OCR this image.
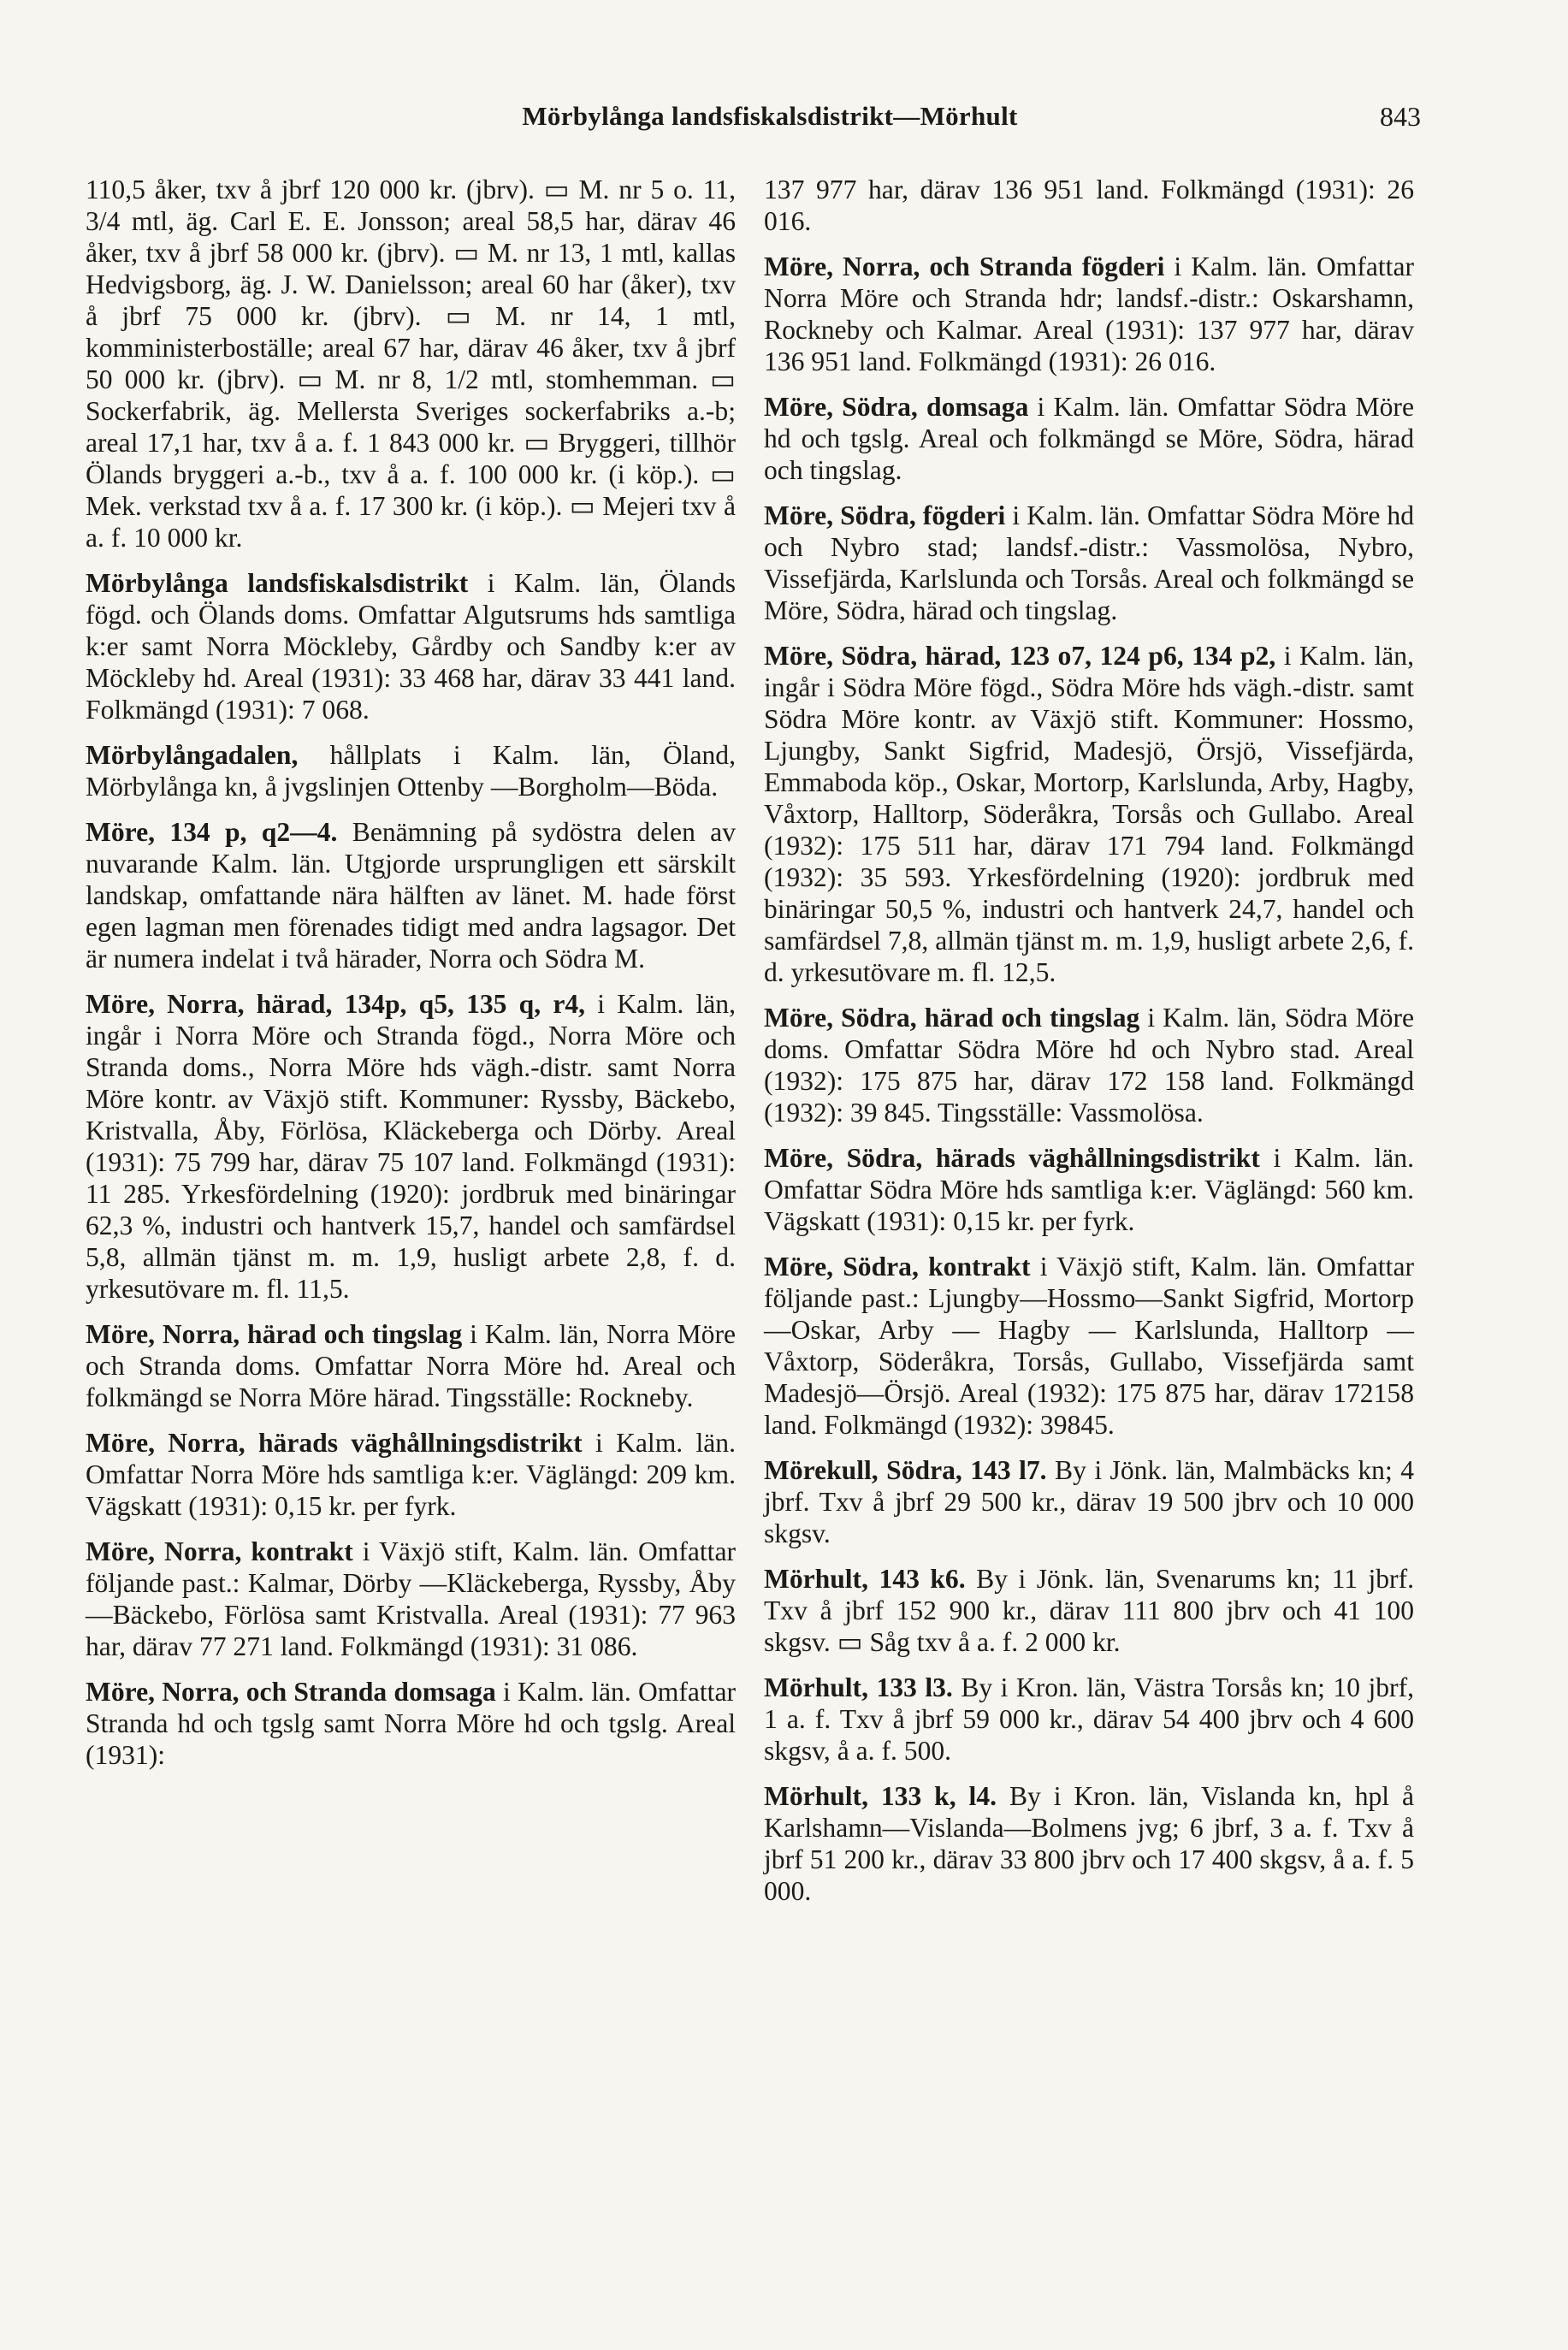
Mörbylånga landsfiskalsdistrikt—Mörhult	843

110,5 åker, txv å jbrf 120 000 kr. (jbrv). ▭ M. nr 5 o. 11, 3/4 mtl, äg. Carl E. E. Jonsson; areal 58,5 har, därav 46 åker, txv å jbrf 58 000 kr. (jbrv). ▭ M. nr 13, 1 mtl, kallas Hedvigsborg, äg. J. W. Danielsson; areal 60 har (åker), txv å jbrf 75 000 kr. (jbrv). ▭ M. nr 14, 1 mtl, komministerboställe; areal 67 har, därav 46 åker, txv å jbrf 50 000 kr. (jbrv). ▭ M. nr 8, 1/2 mtl, stomhemman. ▭ Sockerfabrik, äg. Mellersta Sveriges sockerfabriks a.-b; areal 17,1 har, txv å a. f. 1 843 000 kr. ▭ Bryggeri, tillhör Ölands bryggeri a.-b., txv å a. f. 100 000 kr. (i köp.). ▭ Mek. verkstad txv å a. f. 17 300 kr. (i köp.). ▭ Mejeri txv å a. f. 10 000 kr.

Mörbylånga landsfiskalsdistrikt i Kalm. län, Ölands fögd. och Ölands doms. Omfattar Algutsrums hds samtliga k:er samt Norra Möckleby, Gårdby och Sandby k:er av Möckleby hd. Areal (1931): 33 468 har, därav 33 441 land. Folkmängd (1931): 7 068.

Mörbylångadalen, hållplats i Kalm. län, Öland, Mörbylånga kn, å jvgslinjen Ottenby —Borgholm—Böda.

Möre, 134 p, q2—4. Benämning på sydöstra delen av nuvarande Kalm. län. Utgjorde ursprungligen ett särskilt landskap, omfattande nära hälften av länet. M. hade först egen lagman men förenades tidigt med andra lagsagor. Det är numera indelat i två härader, Norra och Södra M.

Möre, Norra, härad, 134p, q5, 135 q, r4, i Kalm. län, ingår i Norra Möre och Stranda fögd., Norra Möre och Stranda doms., Norra Möre hds vägh.-distr. samt Norra Möre kontr. av Växjö stift. Kommuner: Ryssby, Bäckebo, Kristvalla, Åby, Förlösa, Kläckeberga och Dörby. Areal (1931): 75 799 har, därav 75 107 land. Folkmängd (1931): 11 285. Yrkesfördelning (1920): jordbruk med binäringar 62,3 %, industri och hantverk 15,7, handel och samfärdsel 5,8, allmän tjänst m. m. 1,9, husligt arbete 2,8, f. d. yrkesutövare m. fl. 11,5.

Möre, Norra, härad och tingslag i Kalm. län, Norra Möre och Stranda doms. Omfattar Norra Möre hd. Areal och folkmängd se Norra Möre härad. Tingsställe: Rockneby.

Möre, Norra, härads väghållningsdistrikt i Kalm. län. Omfattar Norra Möre hds samtliga k:er. Väglängd: 209 km. Vägskatt (1931): 0,15 kr. per fyrk.

Möre, Norra, kontrakt i Växjö stift, Kalm. län. Omfattar följande past.: Kalmar, Dörby —Kläckeberga, Ryssby, Åby—Bäckebo, Förlösa samt Kristvalla. Areal (1931): 77 963 har, därav 77 271 land. Folkmängd (1931): 31 086.

Möre, Norra, och Stranda domsaga i Kalm. län. Omfattar Stranda hd och tgslg samt Norra Möre hd och tgslg. Areal (1931):

137 977 har, därav 136 951 land. Folkmängd (1931): 26 016.

Möre, Norra, och Stranda fögderi i Kalm. län. Omfattar Norra Möre och Stranda hdr; landsf.-distr.: Oskarshamn, Rockneby och Kalmar. Areal (1931): 137 977 har, därav 136 951 land. Folkmängd (1931): 26 016.

Möre, Södra, domsaga i Kalm. län. Omfattar Södra Möre hd och tgslg. Areal och folkmängd se Möre, Södra, härad och tingslag.

Möre, Södra, fögderi i Kalm. län. Omfattar Södra Möre hd och Nybro stad; landsf.-distr.: Vassmolösa, Nybro, Vissefjärda, Karlslunda och Torsås. Areal och folkmängd se Möre, Södra, härad och tingslag.

Möre, Södra, härad, 123 o7, 124 p6, 134 p2, i Kalm. län, ingår i Södra Möre fögd., Södra Möre hds vägh.-distr. samt Södra Möre kontr. av Växjö stift. Kommuner: Hossmo, Ljungby, Sankt Sigfrid, Madesjö, Örsjö, Vissefjärda, Emmaboda köp., Oskar, Mortorp, Karlslunda, Arby, Hagby, Våxtorp, Halltorp, Söderåkra, Torsås och Gullabo. Areal (1932): 175 511 har, därav 171 794 land. Folkmängd (1932): 35 593. Yrkesfördelning (1920): jordbruk med binäringar 50,5 %, industri och hantverk 24,7, handel och samfärdsel 7,8, allmän tjänst m. m. 1,9, husligt arbete 2,6, f. d. yrkesutövare m. fl. 12,5.

Möre, Södra, härad och tingslag i Kalm. län, Södra Möre doms. Omfattar Södra Möre hd och Nybro stad. Areal (1932): 175 875 har, därav 172 158 land. Folkmängd (1932): 39 845. Tingsställe: Vassmolösa.

Möre, Södra, härads väghållningsdistrikt i Kalm. län. Omfattar Södra Möre hds samtliga k:er. Väglängd: 560 km. Vägskatt (1931): 0,15 kr. per fyrk.

Möre, Södra, kontrakt i Växjö stift, Kalm. län. Omfattar följande past.: Ljungby—Hossmo—Sankt Sigfrid, Mortorp—Oskar, Arby — Hagby — Karlslunda, Halltorp — Våxtorp, Söderåkra, Torsås, Gullabo, Vissefjärda samt Madesjö—Örsjö. Areal (1932): 175 875 har, därav 172158 land. Folkmängd (1932): 39845.

Mörekull, Södra, 143 l7. By i Jönk. län, Malmbäcks kn; 4 jbrf. Txv å jbrf 29 500 kr., därav 19 500 jbrv och 10 000 skgsv.

Mörhult, 143 k6. By i Jönk. län, Svenarums kn; 11 jbrf. Txv å jbrf 152 900 kr., därav 111 800 jbrv och 41 100 skgsv. ▭ Såg txv å a. f. 2 000 kr.

Mörhult, 133 l3. By i Kron. län, Västra Torsås kn; 10 jbrf, 1 a. f. Txv å jbrf 59 000 kr., därav 54 400 jbrv och 4 600 skgsv, å a. f. 500.

Mörhult, 133 k, l4. By i Kron. län, Vislanda kn, hpl å Karlshamn—Vislanda—Bolmens jvg; 6 jbrf, 3 a. f. Txv å jbrf 51 200 kr., därav 33 800 jbrv och 17 400 skgsv, å a. f. 5 000.
